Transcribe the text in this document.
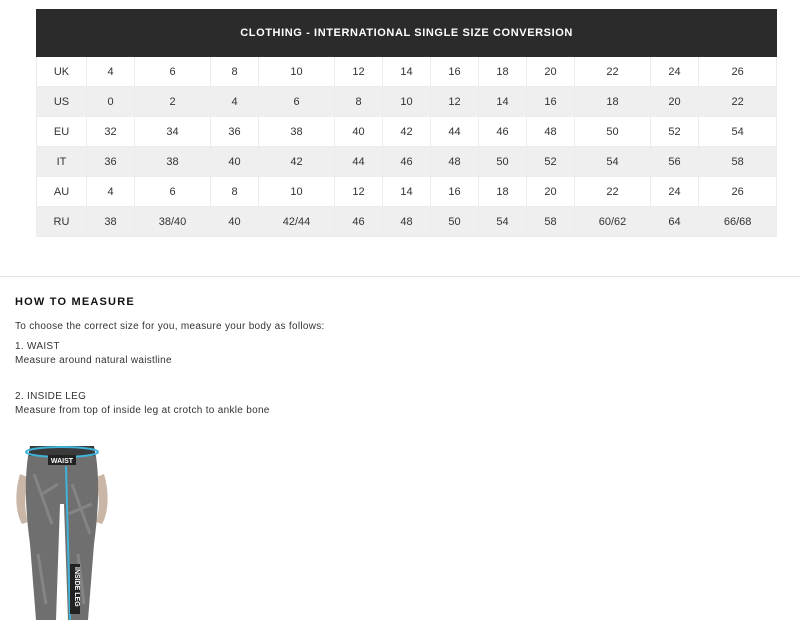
CLOTHING - INTERNATIONAL SINGLE SIZE CONVERSION												
UK	4	6	8	10	12	14	16	18	20	22	24	26
US	0	2	4	6	8	10	12	14	16	18	20	22
EU	32	34	36	38	40	42	44	46	48	50	52	54
IT	36	38	40	42	44	46	48	50	52	54	56	58
AU	4	6	8	10	12	14	16	18	20	22	24	26
RU	38	38/40	40	42/44	46	48	50	54	58	60/62	64	66/68
HOW TO MEASURE

To choose the correct size for you, measure your body as follows:

1. WAIST

Measure around natural waistline

2. INSIDE LEG

Measure from top of inside leg at crotch to ankle bone

WAIST
INSIDE LEG
